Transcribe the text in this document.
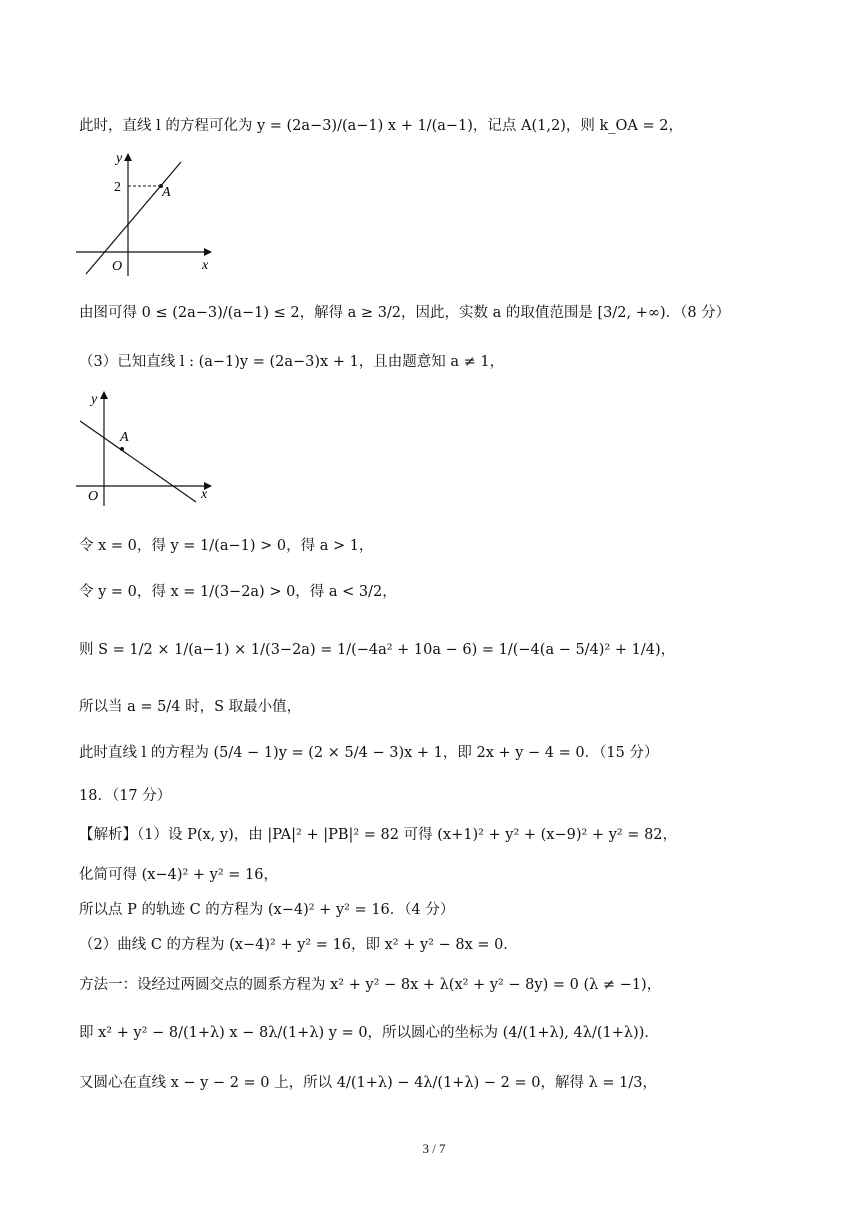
此时，直线 l 的方程可化为 y = (2a−3)/(a−1) x + 1/(a−1)，记点 A(1,2)，则 k_OA = 2，
y
x
O
2	A
由图可得 0 ≤ (2a−3)/(a−1) ≤ 2，解得 a ≥ 3/2，因此，实数 a 的取值范围是 [3/2, +∞)．（8 分）
（3）已知直线 l : (a−1)y = (2a−3)x + 1，且由题意知 a ≠ 1，
y
x
O
A
令 x = 0，得 y = 1/(a−1) > 0，得 a > 1，
令 y = 0，得 x = 1/(3−2a) > 0，得 a < 3/2，
则 S = 1/2 × 1/(a−1) × 1/(3−2a) = 1/(−4a² + 10a − 6) = 1/(−4(a − 5/4)² + 1/4)，
所以当 a = 5/4 时，S 取最小值，
此时直线 l 的方程为 (5/4 − 1)y = (2 × 5/4 − 3)x + 1，即 2x + y − 4 = 0．（15 分）
18．（17 分）
【解析】（1）设 P(x, y)，由 |PA|² + |PB|² = 82 可得 (x+1)² + y² + (x−9)² + y² = 82，
化简可得 (x−4)² + y² = 16，
所以点 P 的轨迹 C 的方程为 (x−4)² + y² = 16．（4 分）
（2）曲线 C 的方程为 (x−4)² + y² = 16，即 x² + y² − 8x = 0．
方法一：设经过两圆交点的圆系方程为 x² + y² − 8x + λ(x² + y² − 8y) = 0 (λ ≠ −1)，
即 x² + y² − 8/(1+λ) x − 8λ/(1+λ) y = 0，所以圆心的坐标为 (4/(1+λ), 4λ/(1+λ))．
又圆心在直线 x − y − 2 = 0 上，所以 4/(1+λ) − 4λ/(1+λ) − 2 = 0，解得 λ = 1/3，
3 / 7
